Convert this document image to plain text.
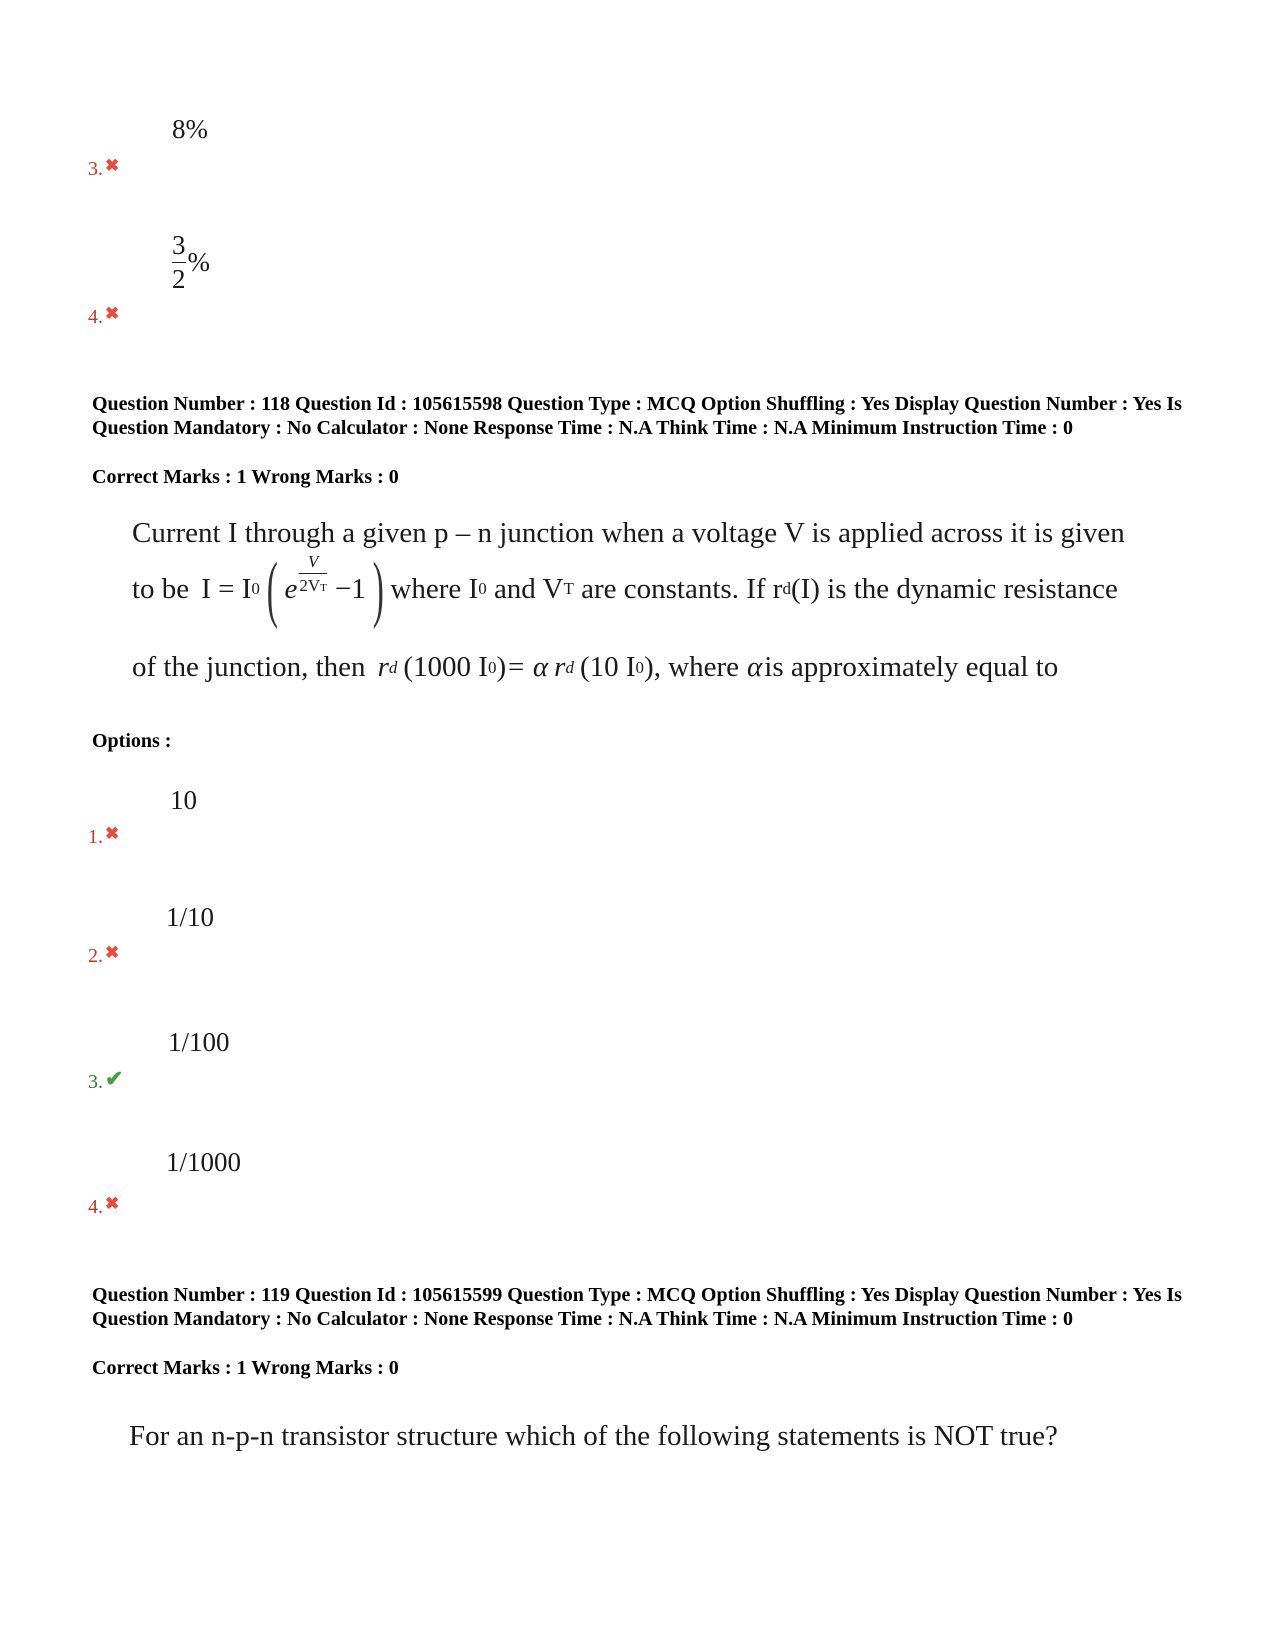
8%
3. ✖
$\frac{3}{2}$ %
4. ✖
Question Number : 118 Question Id : 105615598 Question Type : MCQ Option Shuffling : Yes Display Question Number : Yes Is Question Mandatory : No Calculator : None Response Time : N.A Think Time : N.A Minimum Instruction Time : 0
Correct Marks : 1 Wrong Marks : 0
Current I through a given p – n junction when a voltage V is applied across it is given
to be I = I 0 ( e $\frac{V}{2VT} -1$ ) where I 0 and V T are constants. If r d (I) is the dynamic resistance
of the junction, then r d (1000 I 0 ) = α r d (10 I 0 ) , where α is approximately equal to
Options :
10
1. ✖
1/10
2. ✖
1/100
3. ✔
1/1000
4. ✖
Question Number : 119 Question Id : 105615599 Question Type : MCQ Option Shuffling : Yes Display Question Number : Yes Is Question Mandatory : No Calculator : None Response Time : N.A Think Time : N.A Minimum Instruction Time : 0
Correct Marks : 1 Wrong Marks : 0
For an n-p-n transistor structure which of the following statements is NOT true?
